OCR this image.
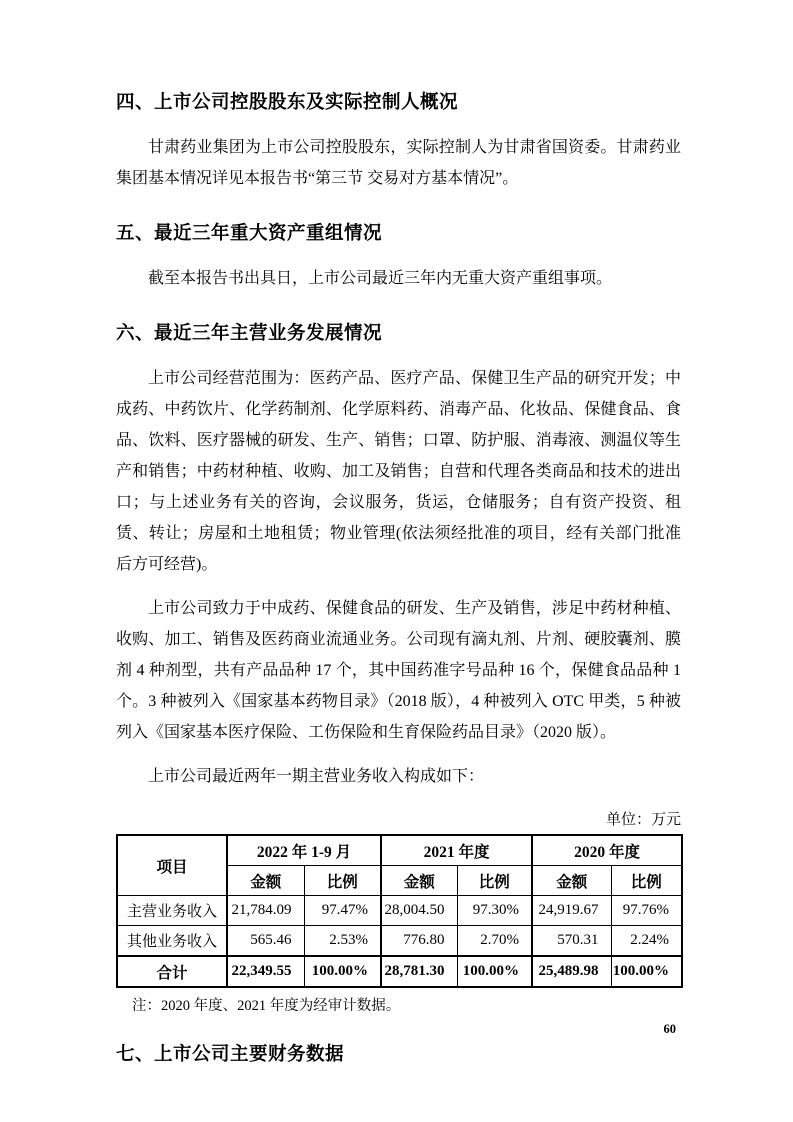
四、上市公司控股股东及实际控制人概况

甘肃药业集团为上市公司控股股东，实际控制人为甘肃省国资委。甘肃药业集团基本情况详见本报告书“第三节 交易对方基本情况”。

五、最近三年重大资产重组情况

截至本报告书出具日，上市公司最近三年内无重大资产重组事项。

六、最近三年主营业务发展情况

上市公司经营范围为：医药产品、医疗产品、保健卫生产品的研究开发；中成药、中药饮片、化学药制剂、化学原料药、消毒产品、化妆品、保健食品、食品、饮料、医疗器械的研发、生产、销售；口罩、防护服、消毒液、测温仪等生产和销售；中药材种植、收购、加工及销售；自营和代理各类商品和技术的进出口；与上述业务有关的咨询，会议服务，货运，仓储服务；自有资产投资、租赁、转让；房屋和土地租赁；物业管理(依法须经批准的项目，经有关部门批准后方可经营)。

上市公司致力于中成药、保健食品的研发、生产及销售，涉足中药材种植、收购、加工、销售及医药商业流通业务。公司现有滴丸剂、片剂、硬胶囊剂、膜剂 4 种剂型，共有产品品种 17 个，其中国药准字号品种 16 个，保健食品品种 1 个。3 种被列入《国家基本药物目录》（2018 版），4 种被列入 OTC 甲类，5 种被列入《国家基本医疗保险、工伤保险和生育保险药品目录》（2020 版）。

上市公司最近两年一期主营业务收入构成如下：

单位：万元
项目	2022 年 1-9 月		2021 年度		2020 年度	
	金额	比例	金额	比例	金额	比例
主营业务收入	21,784.09	97.47%	28,004.50	97.30%	24,919.67	97.76%
其他业务收入	565.46	2.53%	776.80	2.70%	570.31	2.24%
合计	22,349.55	100.00%	28,781.30	100.00%	25,489.98	100.00%
注：2020 年度、2021 年度为经审计数据。
七、上市公司主要财务数据
60
